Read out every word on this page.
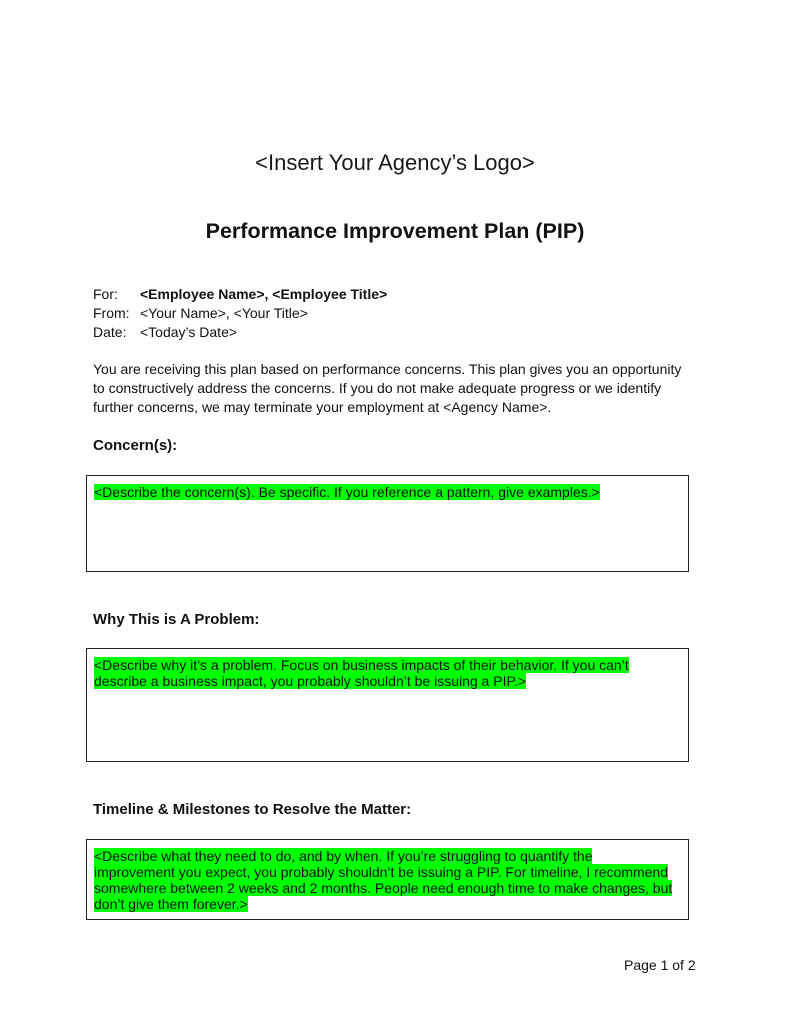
<Insert Your Agency’s Logo>
Performance Improvement Plan (PIP)
For:	<Employee Name>, <Employee Title>
From: <Your Name>, <Your Title>
Date: <Today’s Date>
You are receiving this plan based on performance concerns. This plan gives you an opportunity
to constructively address the concerns. If you do not make adequate progress or we identify
further concerns, we may terminate your employment at <Agency Name>.
Concern(s):
<Describe the concern(s). Be specific. If you reference a pattern, give examples.>
Why This is A Problem:
<Describe why it’s a problem. Focus on business impacts of their behavior. If you can’t
describe a business impact, you probably shouldn’t be issuing a PIP.>
Timeline & Milestones to Resolve the Matter:
<Describe what they need to do, and by when. If you’re struggling to quantify the
improvement you expect, you probably shouldn’t be issuing a PIP. For timeline, I recommend
somewhere between 2 weeks and 2 months. People need enough time to make changes, but
don’t give them forever.>
Page 1 of 2
